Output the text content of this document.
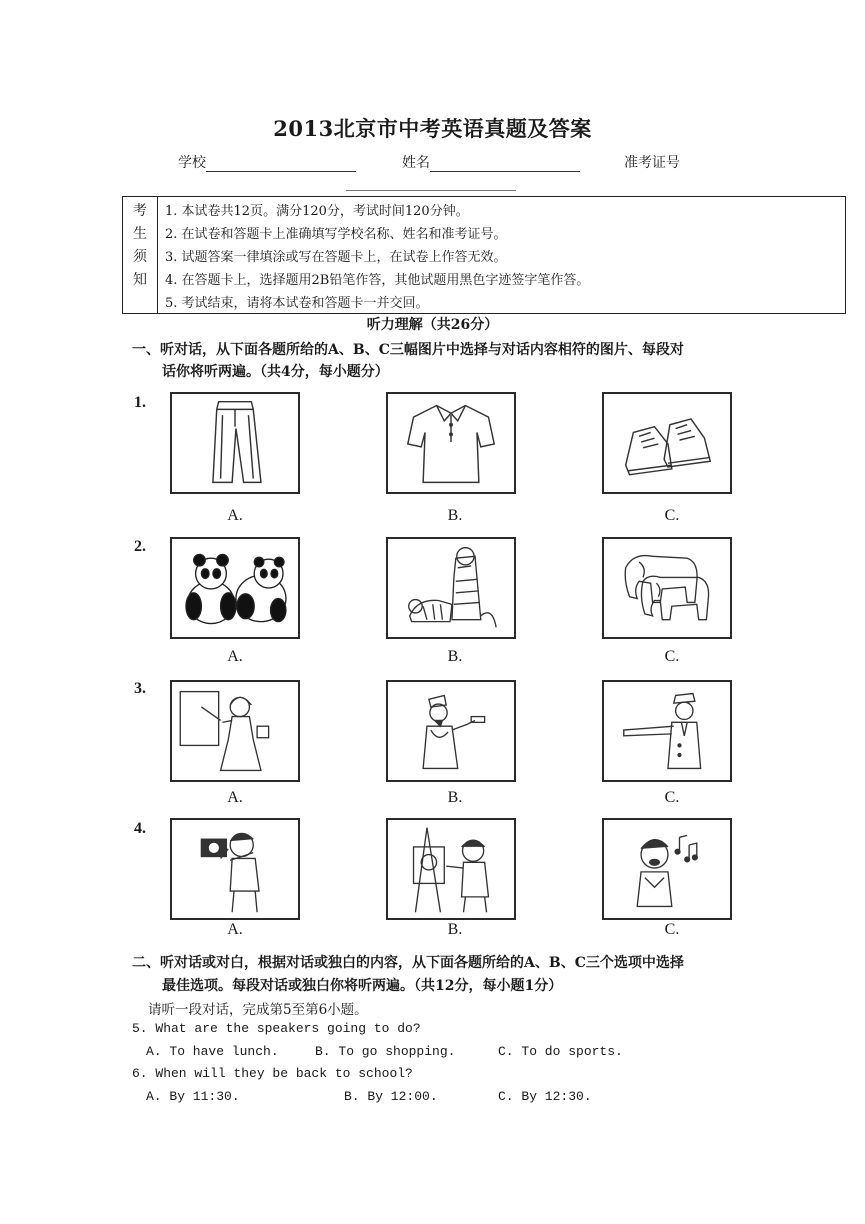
2013北京市中考英语真题及答案
学校	姓名	准考证号
考
生
须
知
1. 本试卷共12页。满分120分，考试时间120分钟。
2. 在试卷和答题卡上准确填写学校名称、姓名和准考证号。
3. 试题答案一律填涂或写在答题卡上，在试卷上作答无效。
4. 在答题卡上，选择题用2B铅笔作答，其他试题用黑色字迹签字笔作答。
5. 考试结束，请将本试卷和答题卡一并交回。
听力理解（共26分）
一、听对话，从下面各题所给的A、B、C三幅图片中选择与对话内容相符的图片、每段对
话你将听两遍。（共4分，每小题分）
1.
A.	B.	C.
2.
A.	B.	C.
3.
A.	B.	C.
4.
A.	B.	C.
二、听对话或对白，根据对话或独白的内容，从下面各题所给的A、B、C三个选项中选择
最佳选项。每段对话或独白你将听两遍。（共12分，每小题1分）
请听一段对话，完成第5至第6小题。
5. What are the speakers going to do?
A. To have lunch.	B. To go shopping.	C. To do sports.
6. When will they be back to school?
A. By 11:30.	B. By 12:00.	C. By 12:30.
